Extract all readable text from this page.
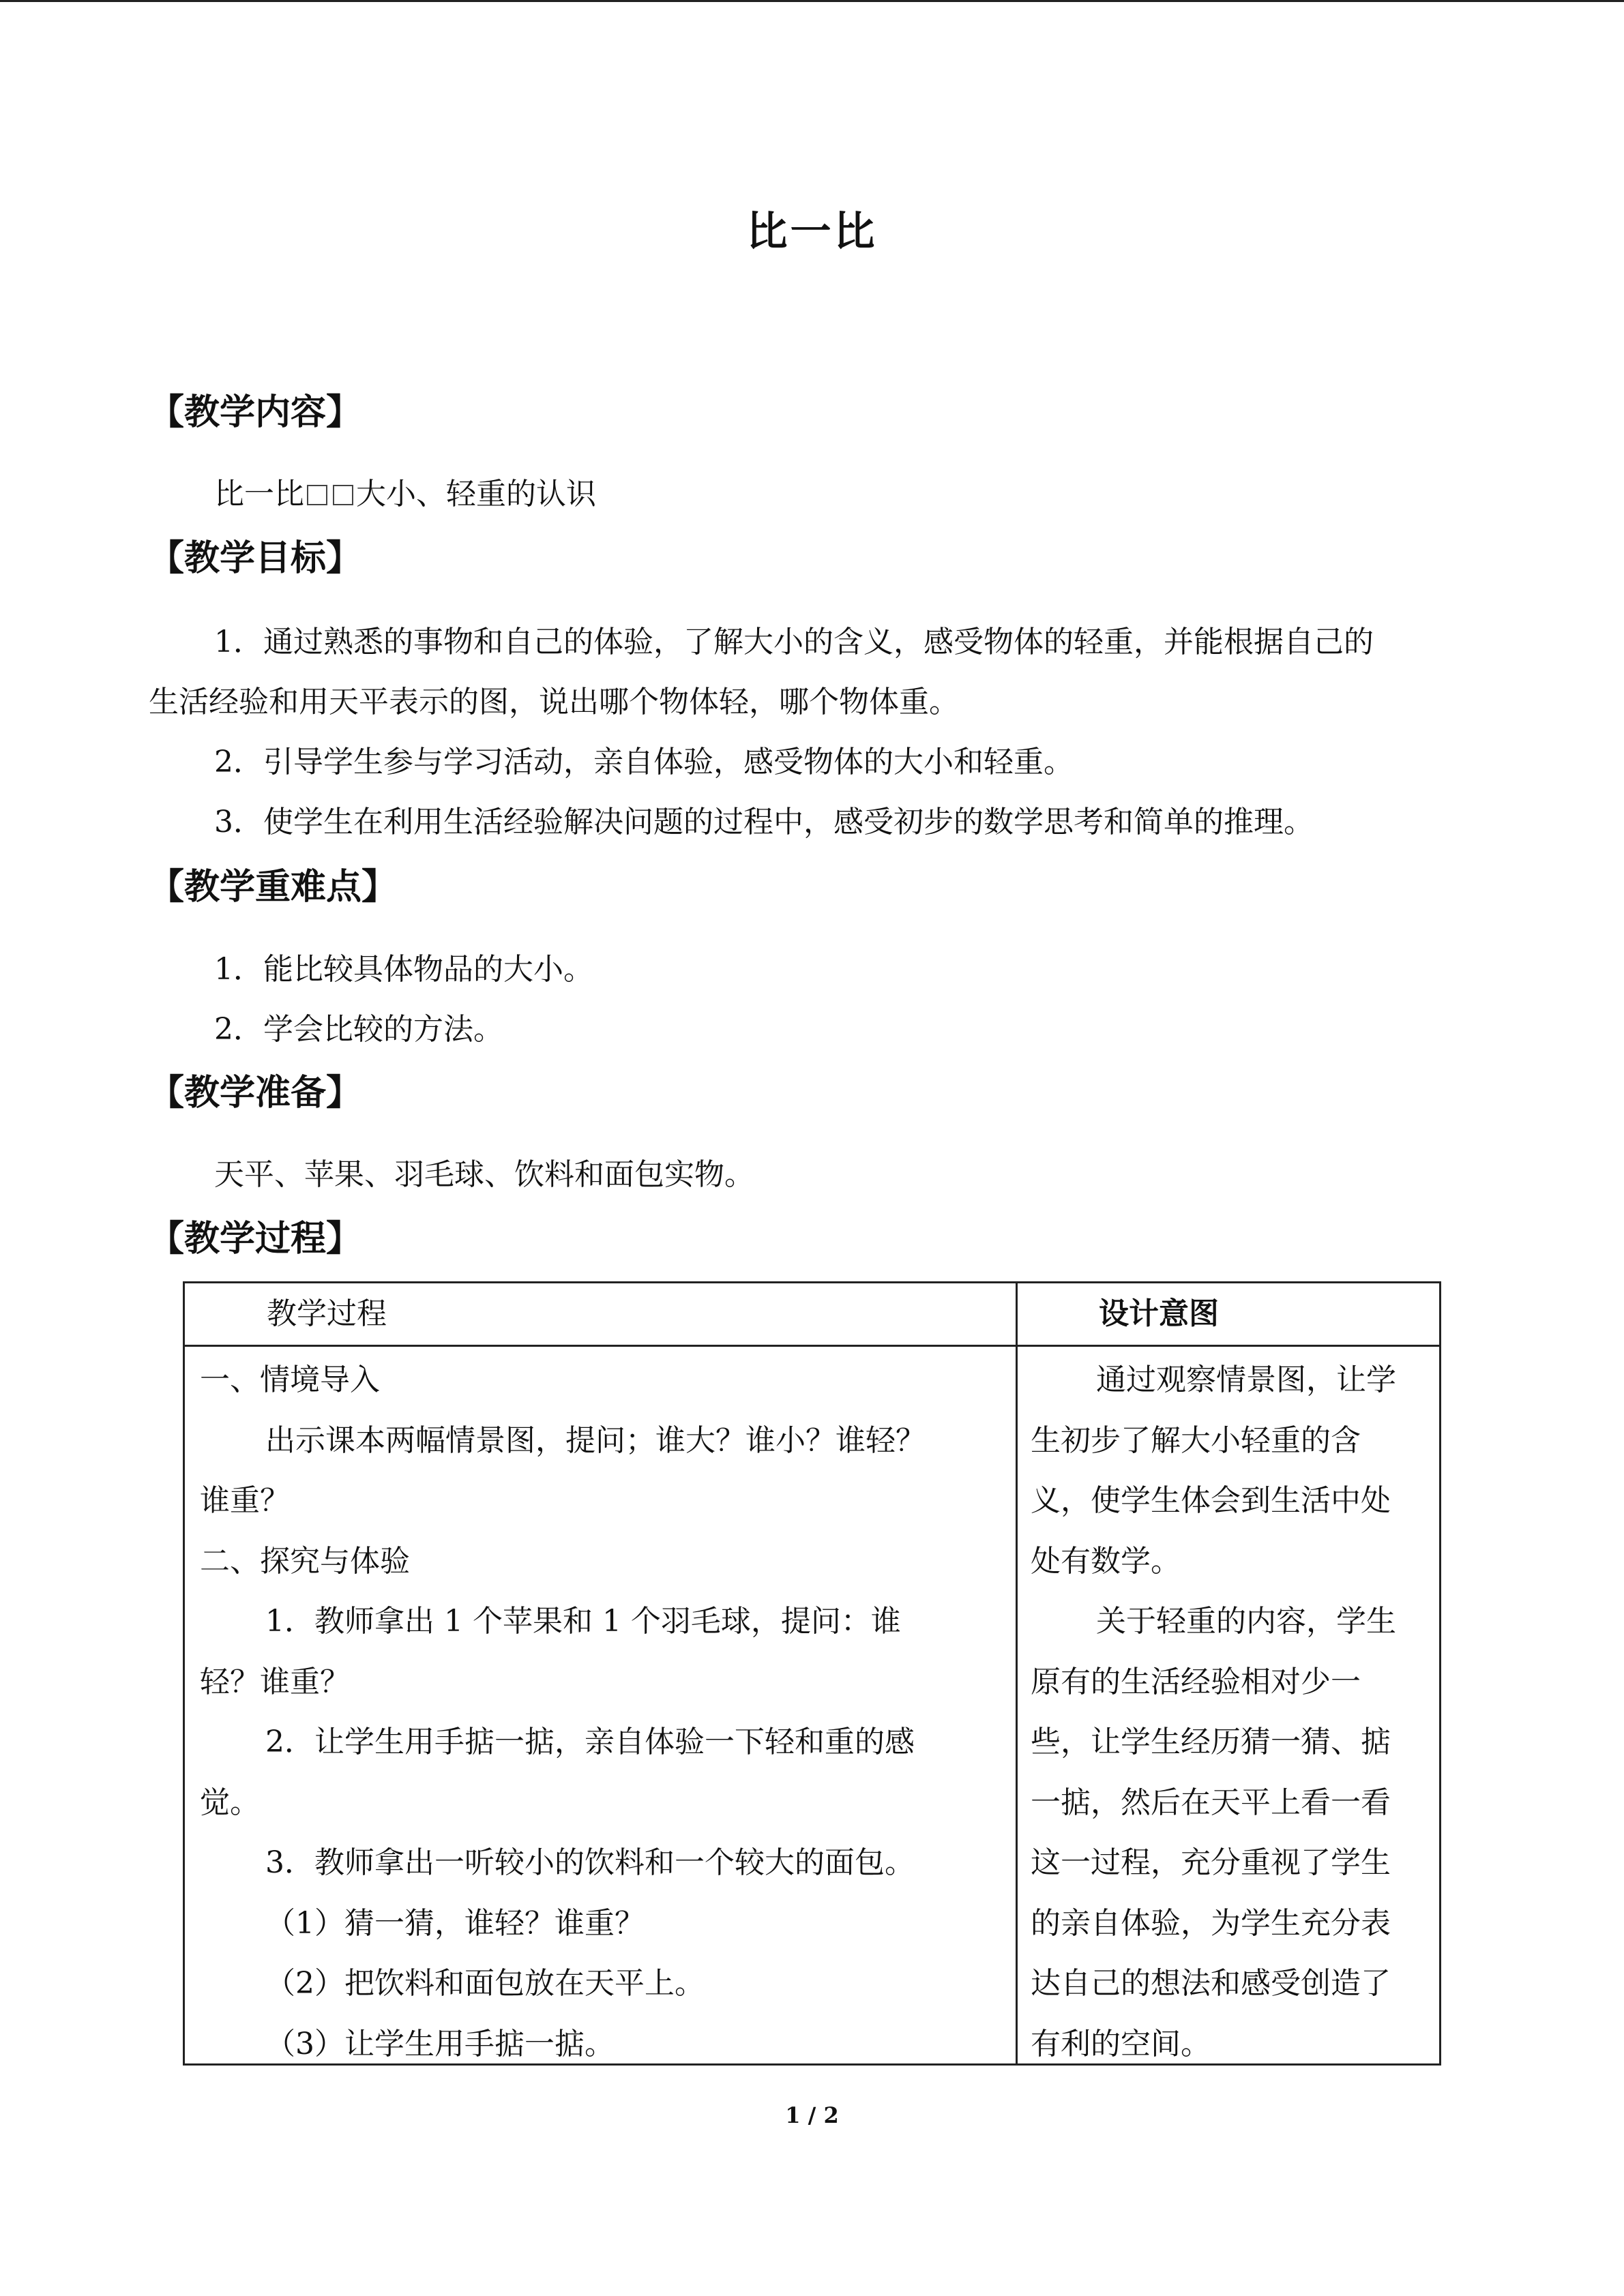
比一比
【教学内容】
比一比 大小、轻重的认识
【教学目标】
1．通过熟悉的事物和自己的体验，了解大小的含义，感受物体的轻重，并能根据自己的
生活经验和用天平表示的图，说出哪个物体轻，哪个物体重。
2．引导学生参与学习活动，亲自体验，感受物体的大小和轻重。
3．使学生在利用生活经验解决问题的过程中，感受初步的数学思考和简单的推理。
【教学重难点】
1．能比较具体物品的大小。
2．学会比较的方法。
【教学准备】
天平、苹果、羽毛球、饮料和面包实物。
【教学过程】
教学过程	设计意图
一、情境导入
出示课本两幅情景图，提问；谁大？谁小？谁轻？
谁重？
二、探究与体验
1．教师拿出 1 个苹果和 1 个羽毛球，提问：谁
轻？谁重？
2．让学生用手掂一掂，亲自体验一下轻和重的感
觉。
3．教师拿出一听较小的饮料和一个较大的面包。
（1）猜一猜，谁轻？谁重？
（2）把饮料和面包放在天平上。
（3）让学生用手掂一掂。
通过观察情景图，让学
生初步了解大小轻重的含
义，使学生体会到生活中处
处有数学。
关于轻重的内容，学生
原有的生活经验相对少一
些，让学生经历猜一猜、掂
一掂，然后在天平上看一看
这一过程，充分重视了学生
的亲自体验，为学生充分表
达自己的想法和感受创造了
有利的空间。
1 / 2
